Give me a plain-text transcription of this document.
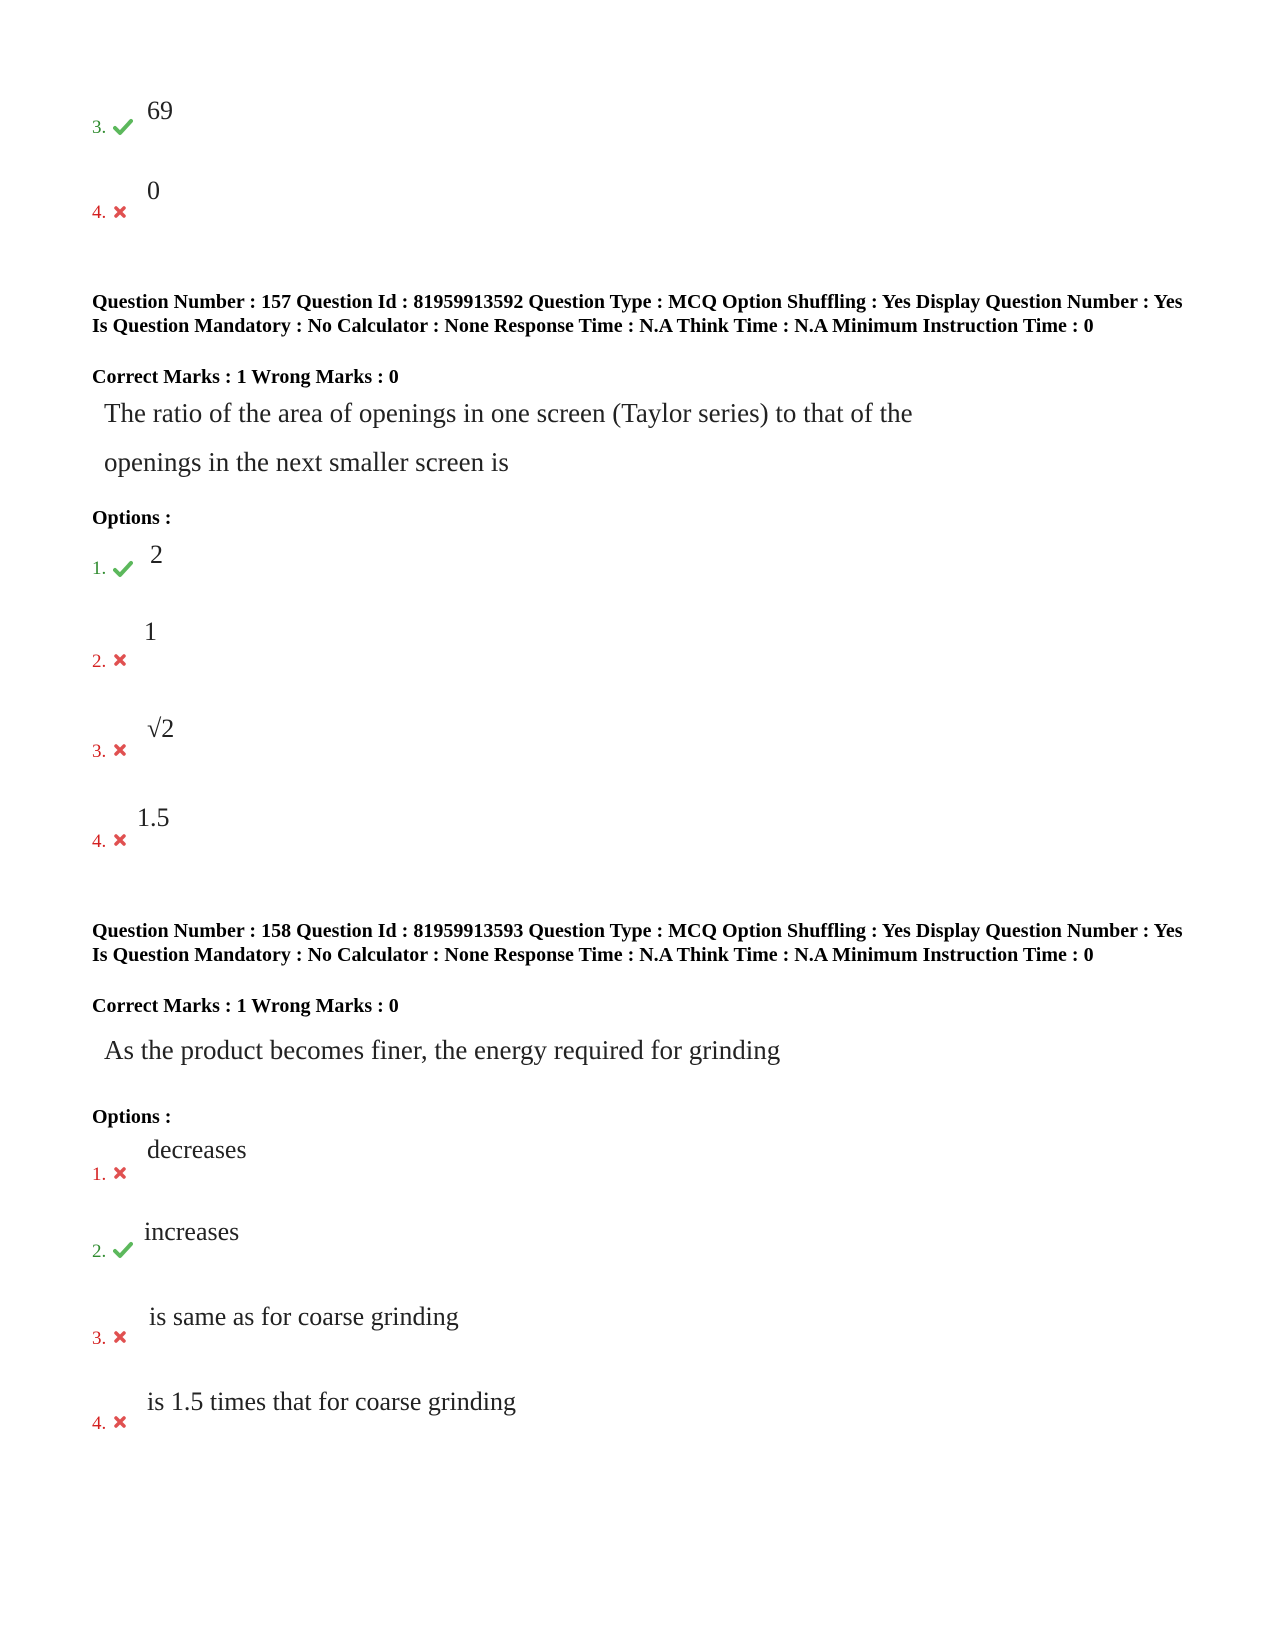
3.
69
4.
0
Question Number : 157 Question Id : 81959913592 Question Type : MCQ Option Shuffling : Yes Display Question Number : Yes Is Question Mandatory : No Calculator : None Response Time : N.A Think Time : N.A Minimum Instruction Time : 0
Correct Marks : 1 Wrong Marks : 0
The ratio of the area of openings in one screen (Taylor series) to that of the
openings in the next smaller screen is
Options :
1. 2
2.
1
3.
√2
4.
1.5
Question Number : 158 Question Id : 81959913593 Question Type : MCQ Option Shuffling : Yes Display Question Number : Yes Is Question Mandatory : No Calculator : None Response Time : N.A Think Time : N.A Minimum Instruction Time : 0
Correct Marks : 1 Wrong Marks : 0
As the product becomes finer, the energy required for grinding
Options :
1.
decreases
2.
increases
3.
is same as for coarse grinding
4.
is 1.5 times that for coarse grinding
